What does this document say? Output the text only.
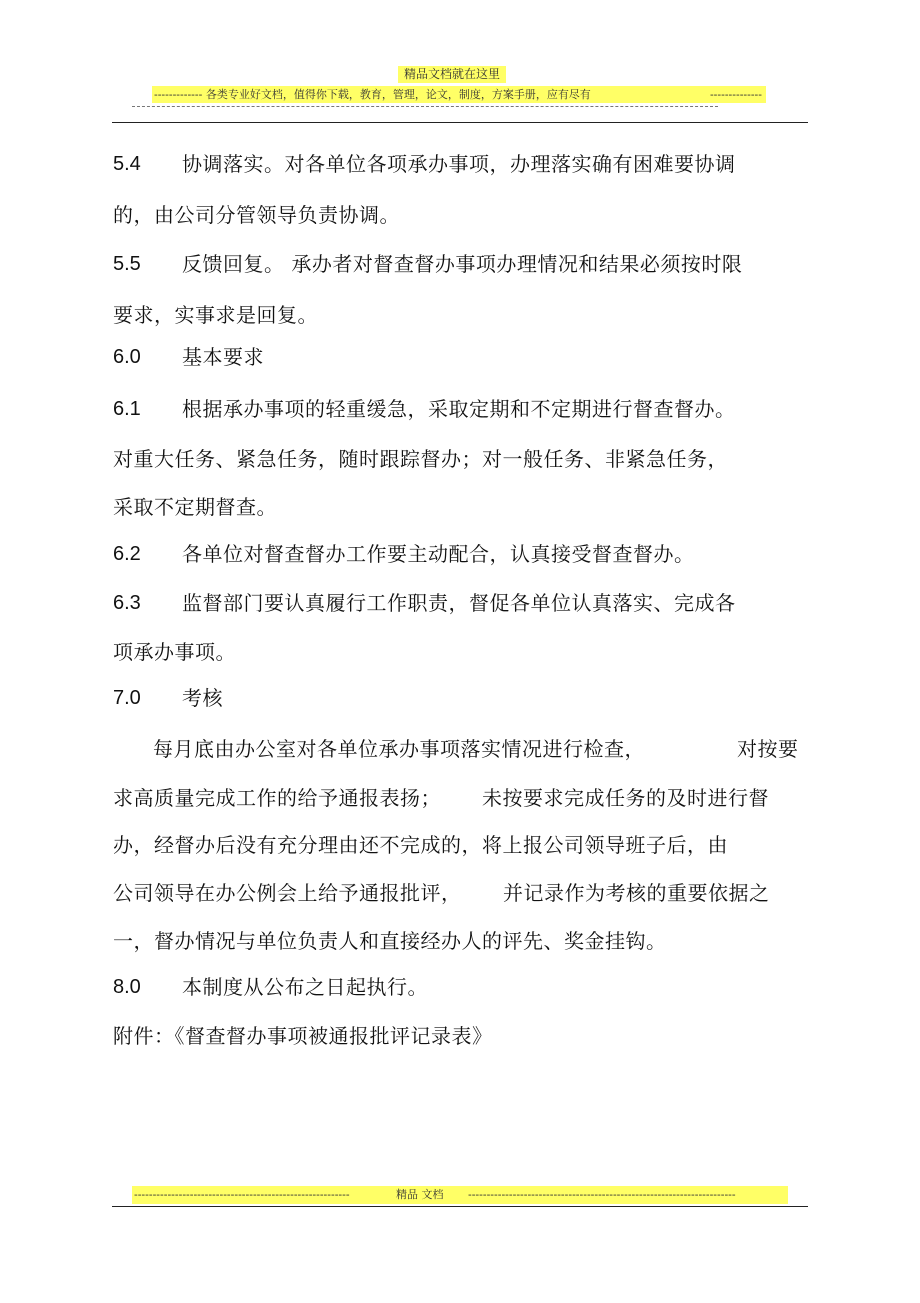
精品文档就在这里
------------- 各类专业好文档，值得你下载，教育，管理，论文，制度，方案手册，应有尽有	--------------
5.4 协调落实。对各单位各项承办事项，办理落实确有困难要协调
的，由公司分管领导负责协调。
5.5 反馈回复。 承办者对督查督办事项办理情况和结果必须按时限
要求，实事求是回复。
6.0 基本要求
6.1 根据承办事项的轻重缓急，采取定期和不定期进行督查督办。
对重大任务、紧急任务，随时跟踪督办；对一般任务、非紧急任务，
采取不定期督查。
6.2 各单位对督查督办工作要主动配合，认真接受督查督办。
6.3 监督部门要认真履行工作职责，督促各单位认真落实、完成各
项承办事项。
7.0 考核
每月底由办公室对各单位承办事项落实情况进行检查，	对按要
求高质量完成工作的给予通报表扬； 未按要求完成任务的及时进行督
办，经督办后没有充分理由还不完成的，将上报公司领导班子后，由
公司领导在办公例会上给予通报批评， 并记录作为考核的重要依据之
一，督办情况与单位负责人和直接经办人的评先、奖金挂钩。
8.0 本制度从公布之日起执行。
附件：《督查督办事项被通报批评记录表》
----------------------------------------------------------	精品 文档 ------------------------------------------------------------------------
